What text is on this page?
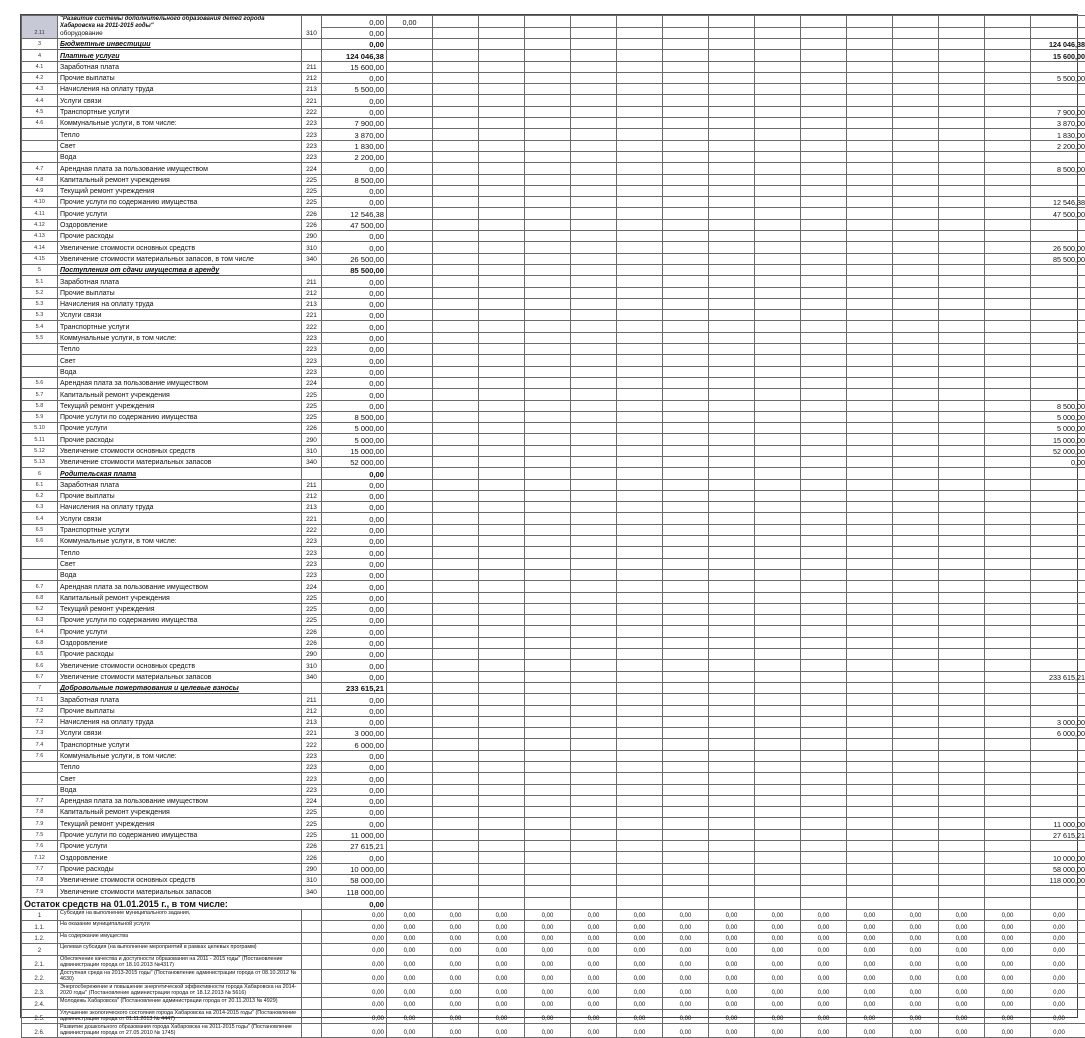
2.11	"Развитие системы дополнительного образования детей города Хабаровска на 2011-2015 годы"
оборудование	310	0,00	0,00														
			0,00															
3	Бюджетные инвестиции		0,00															124 046,38
4	Платные услуги		124 046,38															15 600,00
4.1	Заработная плата	211	15 600,00															
4.2	Прочие выплаты	212	0,00															5 500,00
4.3	Начисления на оплату труда	213	5 500,00															
4.4	Услуги связи	221	0,00															
4.5	Транспортные услуги	222	0,00															7 900,00
4.6	Коммунальные услуги, в том числе:	223	7 900,00															3 870,00
	Тепло	223	3 870,00															1 830,00
	Свет	223	1 830,00															2 200,00
	Вода	223	2 200,00															
4.7	Арендная плата за пользование имуществом	224	0,00															8 500,00
4.8	Капитальный ремонт учреждения	225	8 500,00															
4.9	Текущий ремонт учреждения	225	0,00															
4.10	Прочие услуги по содержанию имущества	225	0,00															12 546,38
4.11	Прочие услуги	226	12 546,38															47 500,00
4.12	Оздоровление	226	47 500,00															
4.13	Прочие расходы	290	0,00															
4.14	Увеличение стоимости основных средств	310	0,00															26 500,00
4.15	Увеличение стоимости материальных запасов, в том числе	340	26 500,00															85 500,00
5	Поступления от сдачи имущества в аренду		85 500,00															
5.1	Заработная плата	211	0,00															
5.2	Прочие выплаты	212	0,00															
5.3	Начисления на оплату труда	213	0,00															
5.3	Услуги связи	221	0,00															
5.4	Транспортные услуги	222	0,00															
5.5	Коммунальные услуги, в том числе:	223	0,00															
	Тепло	223	0,00															
	Свет	223	0,00															
	Вода	223	0,00															
5.6	Арендная плата за пользование имуществом	224	0,00															
5.7	Капитальный ремонт учреждения	225	0,00															
5.8	Текущий ремонт учреждения	225	0,00															8 500,00
5.9	Прочие услуги по содержанию имущества	225	8 500,00															5 000,00
5.10	Прочие услуги	226	5 000,00															5 000,00
5.11	Прочие расходы	290	5 000,00															15 000,00
5.12	Увеличение стоимости основных средств	310	15 000,00															52 000,00
5.13	Увеличение стоимости материальных запасов	340	52 000,00															0,00
6	Родительская плата		0,00															
6.1	Заработная плата	211	0,00															
6.2	Прочие выплаты	212	0,00															
6.3	Начисления на оплату труда	213	0,00															
6.4	Услуги связи	221	0,00															
6.5	Транспортные услуги	222	0,00															
6.6	Коммунальные услуги, в том числе:	223	0,00															
	Тепло	223	0,00															
	Свет	223	0,00															
	Вода	223	0,00															
6.7	Арендная плата за пользование имуществом	224	0,00															
6.8	Капитальный ремонт учреждения	225	0,00															
6.2	Текущий ремонт учреждения	225	0,00															
6.3	Прочие услуги по содержанию имущества	225	0,00															
6.4	Прочие услуги	226	0,00															
6.8	Оздоровление	226	0,00															
6.5	Прочие расходы	290	0,00															
6.6	Увеличение стоимости основных средств	310	0,00															
6.7	Увеличение стоимости материальных запасов	340	0,00															233 615,21
7	Добровольные пожертвования и целевые взносы		233 615,21															
7.1	Заработная плата	211	0,00															
7.2	Прочие выплаты	212	0,00															
7.2	Начисления на оплату труда	213	0,00															3 000,00
7.3	Услуги связи	221	3 000,00															6 000,00
7.4	Транспортные услуги	222	6 000,00															
7.6	Коммунальные услуги, в том числе:	223	0,00															
	Тепло	223	0,00															
	Свет	223	0,00															
	Вода	223	0,00															
7.7	Арендная плата за пользование имуществом	224	0,00															
7.8	Капитальный ремонт учреждения	225	0,00															
7.9	Текущий ремонт учреждения	225	0,00															11 000,00
7.5	Прочие услуги по содержанию имущества	225	11 000,00															27 615,21
7.6	Прочие услуги	226	27 615,21															
7.12	Оздоровление	226	0,00															10 000,00
7.7	Прочие расходы	290	10 000,00															58 000,00
7.8	Увеличение стоимости основных средств	310	58 000,00															118 000,00
7.9	Увеличение стоимости материальных запасов	340	118 000,00															
Остаток средств на 01.01.2015 г., в том числе:			0,00															
1	Субсидия на выполнение муниципального задания,		0,00	0,00	0,00	0,00	0,00	0,00	0,00	0,00	0,00	0,00	0,00	0,00	0,00	0,00	0,00	0,00
1.1.	На оказание муниципальной услуги		0,00	0,00	0,00	0,00	0,00	0,00	0,00	0,00	0,00	0,00	0,00	0,00	0,00	0,00	0,00	0,00
1.2.	На содержание имущества		0,00	0,00	0,00	0,00	0,00	0,00	0,00	0,00	0,00	0,00	0,00	0,00	0,00	0,00	0,00	0,00
2	Целевая субсидия (на выполнение мероприятий в рамках целевых программ)		0,00	0,00	0,00	0,00	0,00	0,00	0,00	0,00	0,00	0,00	0,00	0,00	0,00	0,00	0,00	0,00
2.1.	Обеспечение качества и доступности образования на 2011 - 2015 годы" (Постановление администрации города от 18.10.2013 №4317)		0,00	0,00	0,00	0,00	0,00	0,00	0,00	0,00	0,00	0,00	0,00	0,00	0,00	0,00	0,00	0,00
2.2.	Доступная среда на 2013-2015 годы" (Постановление администрации города от 08.10.2012 № 4630)		0,00	0,00	0,00	0,00	0,00	0,00	0,00	0,00	0,00	0,00	0,00	0,00	0,00	0,00	0,00	0,00
2.3.	Энергосбережение и повышение энергетической эффективности города Хабаровска на 2014-2020 годы" (Постановление администрации города от 18.12.2013 № 5616)		0,00	0,00	0,00	0,00	0,00	0,00	0,00	0,00	0,00	0,00	0,00	0,00	0,00	0,00	0,00	0,00
2.4.	Молодежь Хабаровска" (Постановление администрации города от 20.11.2013 № 4929)		0,00	0,00	0,00	0,00	0,00	0,00	0,00	0,00	0,00	0,00	0,00	0,00	0,00	0,00	0,00	0,00
2.5.	Улучшение экологического состояния города Хабаровска на 2014-2015 годы" (Постановление администрации города от 01.11.2013 № 4447)		0,00	0,00	0,00	0,00	0,00	0,00	0,00	0,00	0,00	0,00	0,00	0,00	0,00	0,00	0,00	0,00
2.6.	Развитие дошкольного образования города Хабаровска на 2011-2015 годы" (Постановление администрации города от 27.05.2010 № 1745)		0,00	0,00	0,00	0,00	0,00	0,00	0,00	0,00	0,00	0,00	0,00	0,00	0,00	0,00	0,00	0,00
